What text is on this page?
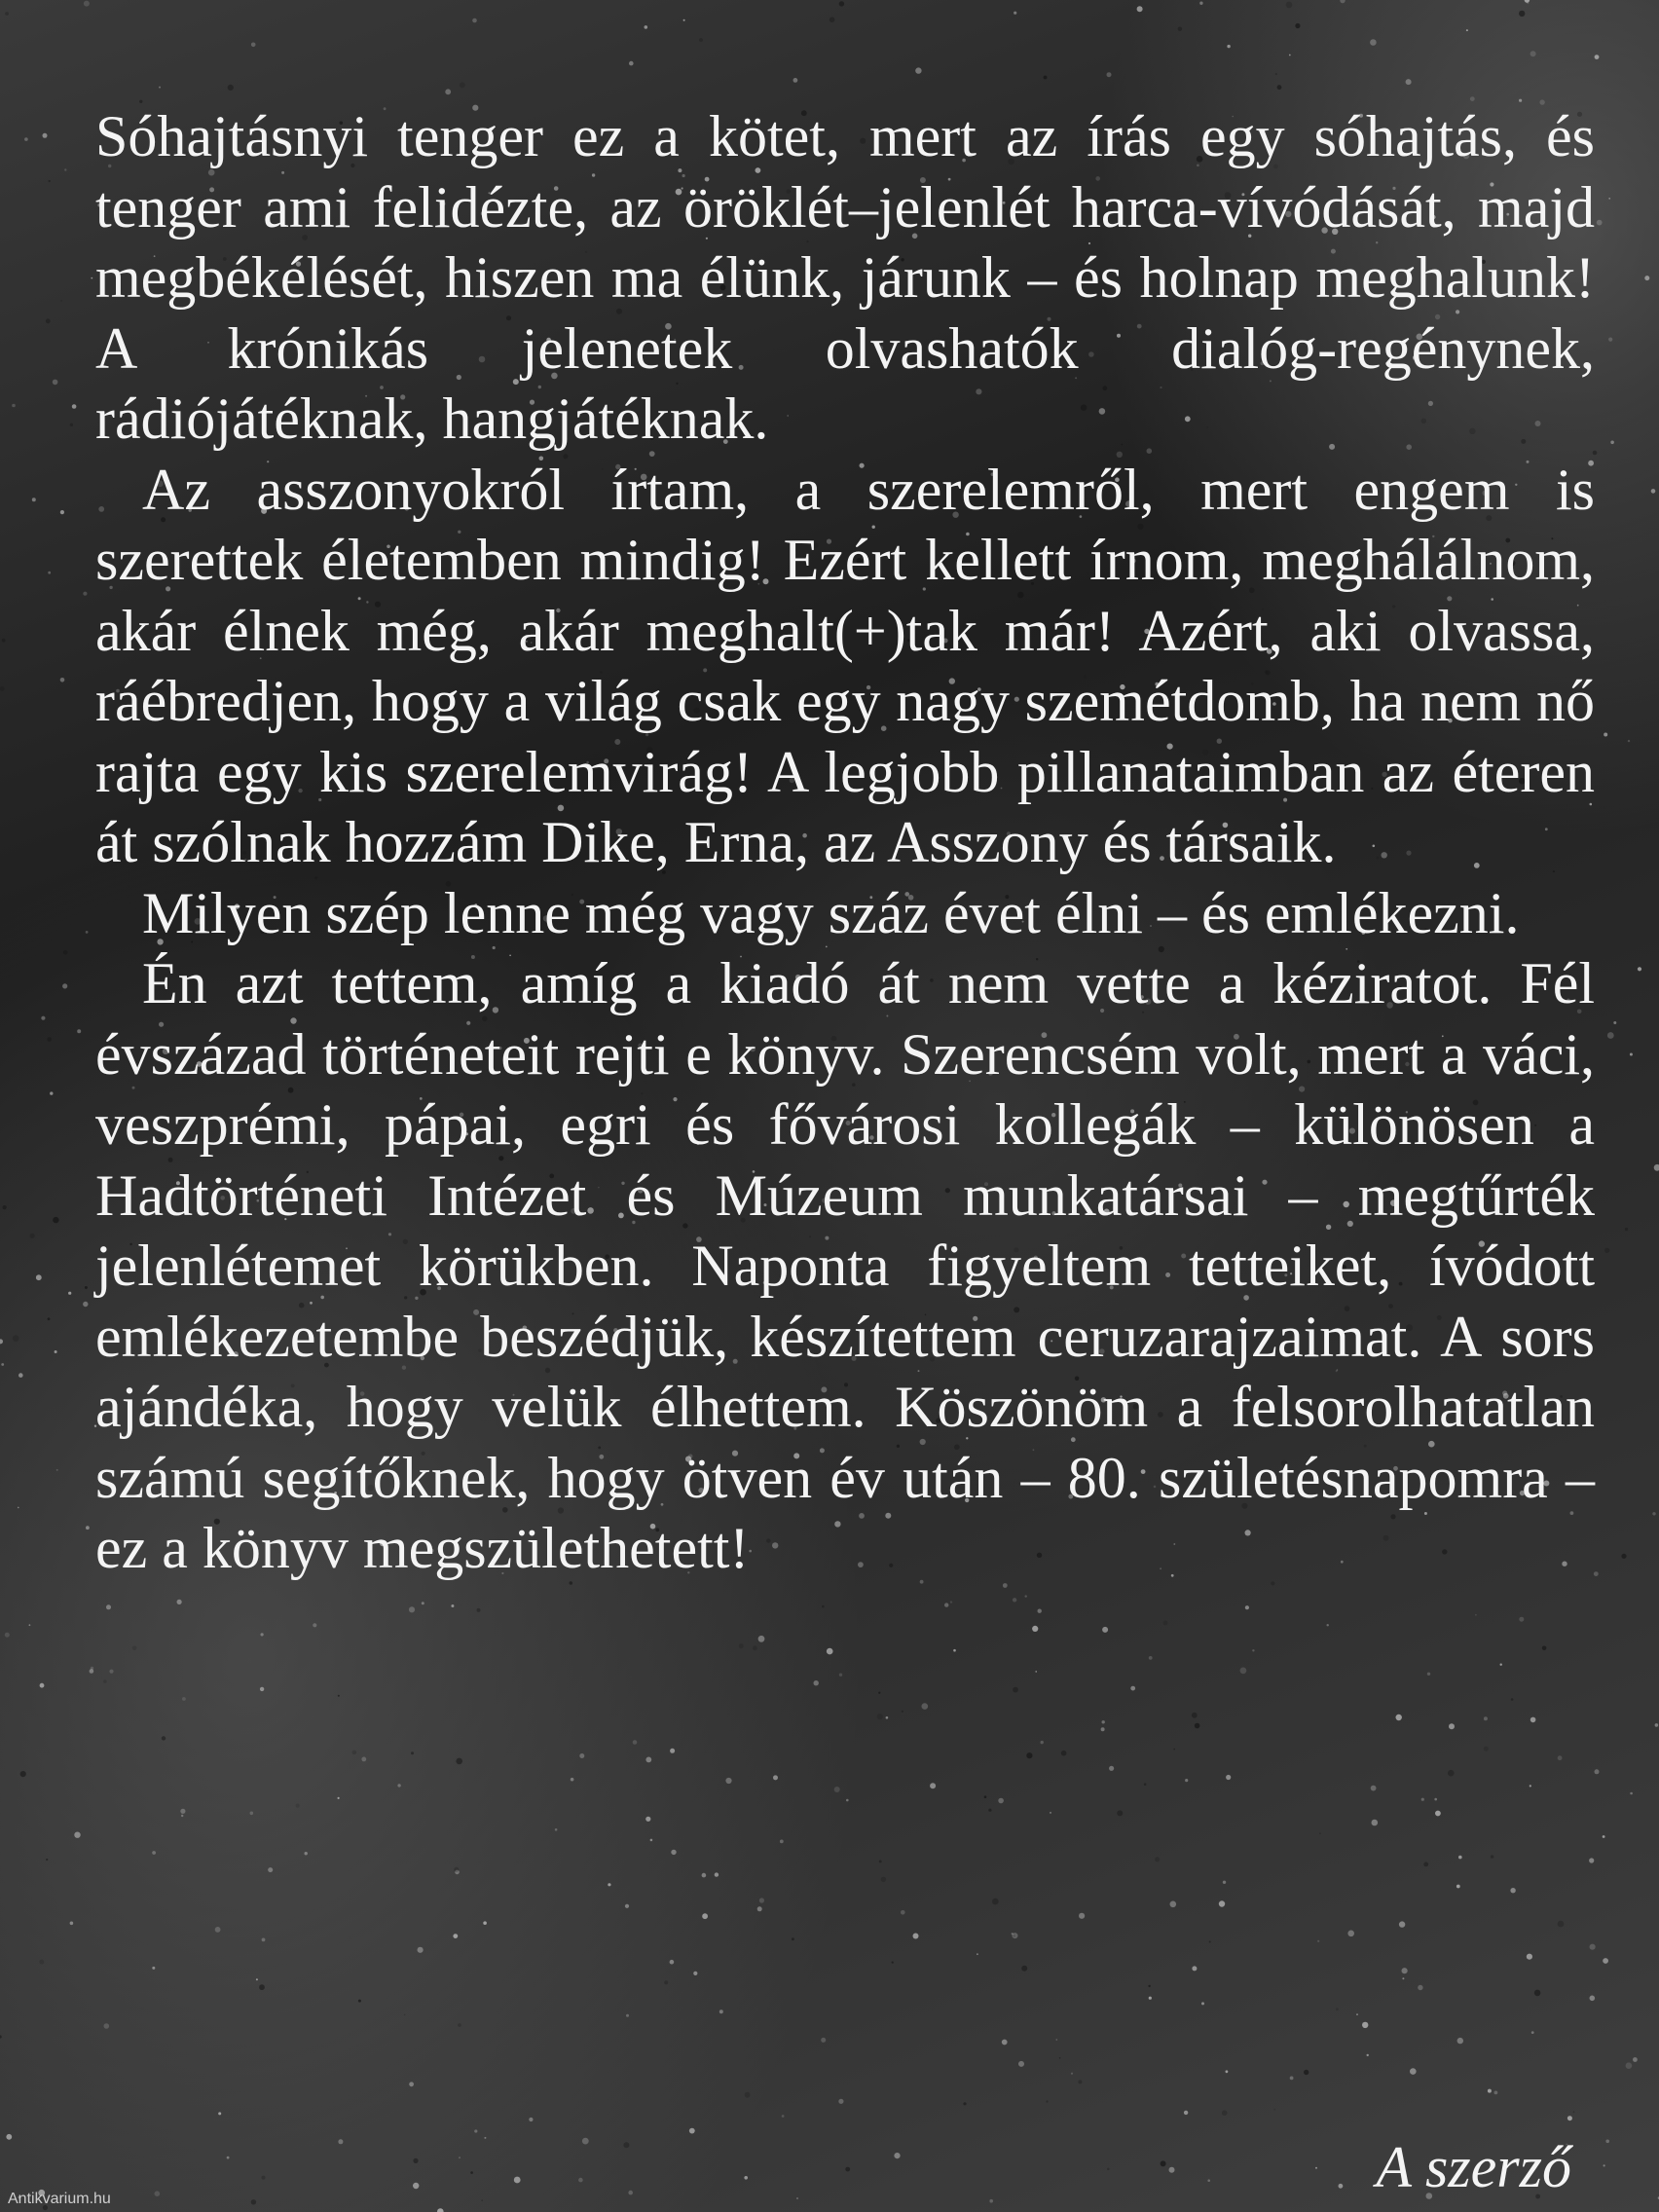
Sóhajtásnyi tenger ez a kötet, mert az írás egy sóhajtás, és tenger ami felidézte, az öröklét–jelenlét harca-vívódását, majd megbékélését, hiszen ma élünk, járunk – és holnap meghalunk! A krónikás jelenetek olvashatók dialóg-regénynek, rádiójátéknak, hangjátéknak.

Az asszonyokról írtam, a szerelemről, mert engem is szerettek életemben mindig! Ezért kellett írnom, meghálálnom, akár élnek még, akár meghalt(+)tak már! Azért, aki olvassa, ráébredjen, hogy a világ csak egy nagy szemétdomb, ha nem nő rajta egy kis szerelemvirág! A legjobb pillanataimban az éteren át szólnak hozzám Dike, Erna, az Asszony és társaik.

Milyen szép lenne még vagy száz évet élni – és emlékezni.

Én azt tettem, amíg a kiadó át nem vette a kéziratot. Fél évszázad történeteit rejti e könyv. Szerencsém volt, mert a váci, veszprémi, pápai, egri és fővárosi kollegák – különösen a Hadtörténeti Intézet és Múzeum munkatársai – megtűrték jelenlétemet körükben. Naponta figyeltem tetteiket, ívódott emlékezetembe beszédjük, készítettem ceruzarajzaimat. A sors ajándéka, hogy velük élhettem. Köszönöm a felsorolhatatlan számú segítőknek, hogy ötven év után – 80. születésnapomra – ez a könyv megszülethetett!

A szerző
Antikvarium.hu
